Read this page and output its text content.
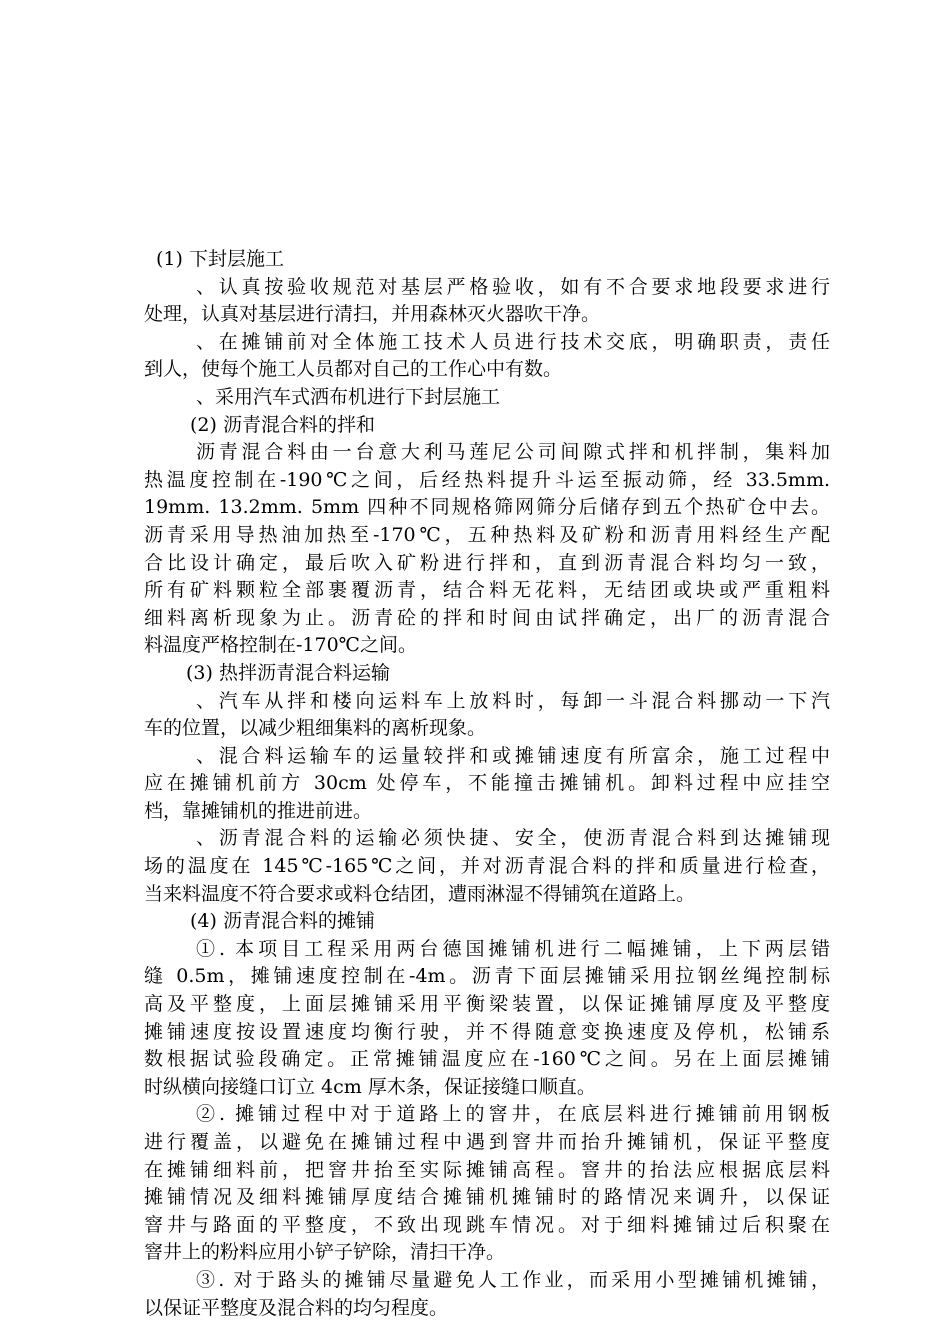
(1) 下封层施工
、认真按验收规范对基层严格验收，如有不合要求地段要求进行
处理，认真对基层进行清扫，并用森林灭火器吹干净。
、在摊铺前对全体施工技术人员进行技术交底，明确职责，责任
到人，使每个施工人员都对自己的工作心中有数。
、采用汽车式洒布机进行下封层施工
(2) 沥青混合料的拌和
沥青混合料由一台意大利马莲尼公司间隙式拌和机拌制，集料加
热温度控制在-190℃之间，后经热料提升斗运至振动筛，经 33.5mm.
19mm. 13.2mm. 5mm 四种不同规格筛网筛分后储存到五个热矿仓中去。
沥青采用导热油加热至-170℃，五种热料及矿粉和沥青用料经生产配
合比设计确定，最后吹入矿粉进行拌和，直到沥青混合料均匀一致，
所有矿料颗粒全部裹覆沥青，结合料无花料，无结团或块或严重粗料
细料离析现象为止。沥青砼的拌和时间由试拌确定，出厂的沥青混合
料温度严格控制在-170℃之间。
(3) 热拌沥青混合料运输
、汽车从拌和楼向运料车上放料时，每卸一斗混合料挪动一下汽
车的位置，以减少粗细集料的离析现象。
、混合料运输车的运量较拌和或摊铺速度有所富余，施工过程中
应在摊铺机前方 30cm 处停车，不能撞击摊铺机。卸料过程中应挂空
档，靠摊铺机的推进前进。
、沥青混合料的运输必须快捷、安全，使沥青混合料到达摊铺现
场的温度在 145℃-165℃之间，并对沥青混合料的拌和质量进行检查，
当来料温度不符合要求或料仓结团，遭雨淋湿不得铺筑在道路上。
(4) 沥青混合料的摊铺
①. 本项目工程采用两台德国摊铺机进行二幅摊铺，上下两层错
缝 0.5m，摊铺速度控制在-4m。沥青下面层摊铺采用拉钢丝绳控制标
高及平整度，上面层摊铺采用平衡梁装置，以保证摊铺厚度及平整度
摊铺速度按设置速度均衡行驶，并不得随意变换速度及停机，松铺系
数根据试验段确定。正常摊铺温度应在-160℃之间。另在上面层摊铺
时纵横向接缝口订立 4cm 厚木条，保证接缝口顺直。
②. 摊铺过程中对于道路上的窨井，在底层料进行摊铺前用钢板
进行覆盖，以避免在摊铺过程中遇到窨井而抬升摊铺机，保证平整度
在摊铺细料前，把窨井抬至实际摊铺高程。窨井的抬法应根据底层料
摊铺情况及细料摊铺厚度结合摊铺机摊铺时的路情况来调升，以保证
窨井与路面的平整度，不致出现跳车情况。对于细料摊铺过后积聚在
窨井上的粉料应用小铲子铲除，清扫干净。
③. 对于路头的摊铺尽量避免人工作业，而采用小型摊铺机摊铺，
以保证平整度及混合料的均匀程度。
